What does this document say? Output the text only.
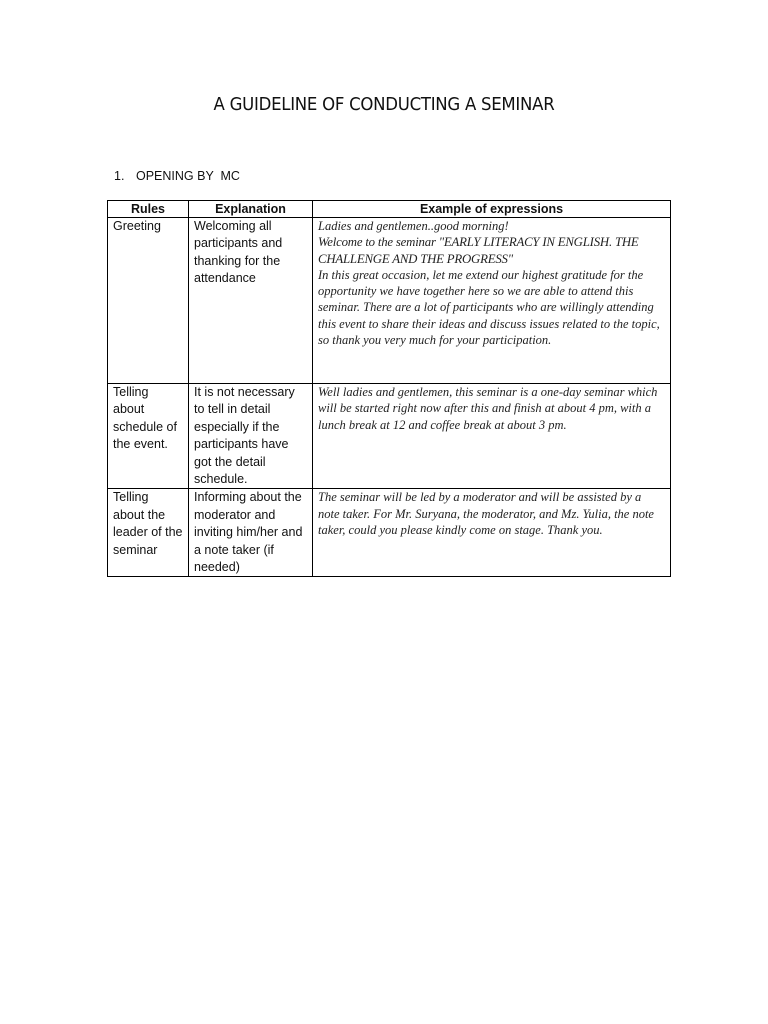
A GUIDELINE OF CONDUCTING A SEMINAR
1. OPENING BY  MC
Rules	Explanation	Example of expressions
Greeting	Welcoming all participants and thanking for the attendance	Ladies and gentlemen..good morning!

Welcome to the seminar "EARLY LITERACY IN ENGLISH. THE CHALLENGE AND THE PROGRESS"

In this great occasion, let me extend our highest gratitude for the opportunity we have together here so we are able to attend this seminar. There are a lot of participants who are willingly attending this event to share their ideas and discuss issues related to the topic, so thank you very much for your participation.

Telling about schedule of the event.	It is not necessary to tell in detail especially if the participants have got the detail schedule.	Well ladies and gentlemen, this seminar is a one-day seminar which will be started right now after this and finish at about 4 pm, with a lunch break at 12 and coffee break at about 3 pm.

Telling about the leader of the seminar	Informing about the moderator and inviting him/her and a note taker (if needed)	The seminar will be led by a moderator and will be assisted by a note taker. For Mr. Suryana, the moderator, and Mz. Yulia, the note taker, could you please kindly come on stage. Thank you.
